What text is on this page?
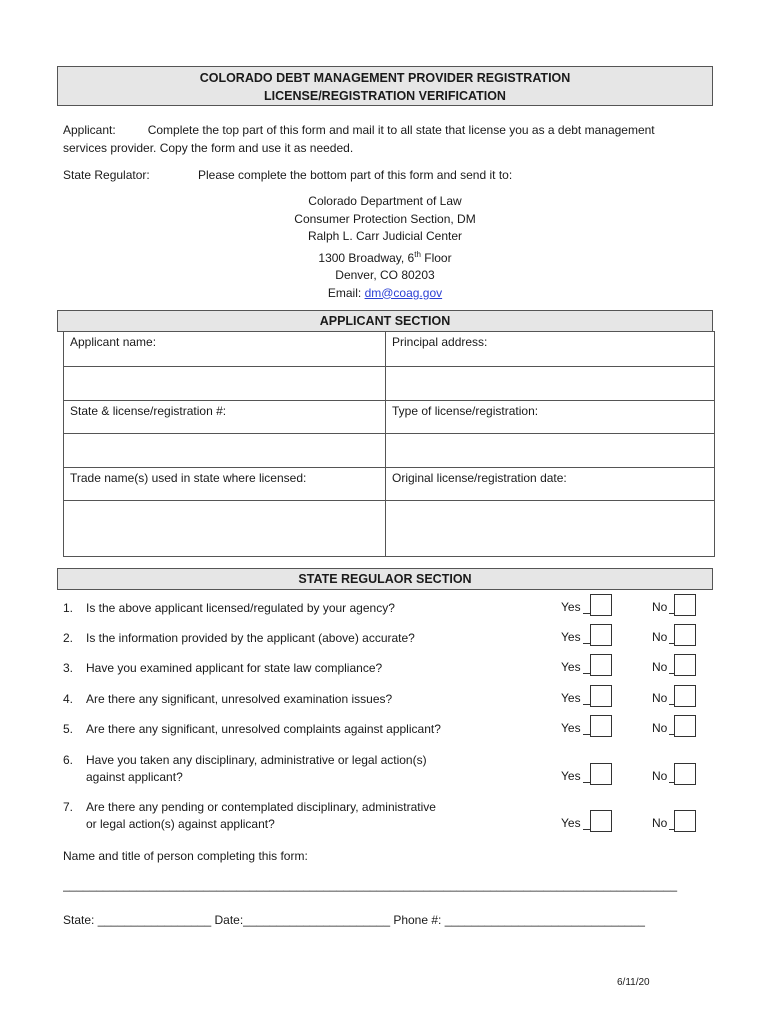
COLORADO DEBT MANAGEMENT PROVIDER REGISTRATION
LICENSE/REGISTRATION VERIFICATION
Applicant:	Complete the top part of this form and mail it to all state that license you as a debt management
services provider. Copy the form and use it as needed.
State Regulator:	Please complete the bottom part of this form and send it to:
Colorado Department of Law
Consumer Protection Section, DM
Ralph L. Carr Judicial Center
1300 Broadway, 6th Floor
Denver, CO 80203
Email: dm@coag.gov
APPLICANT SECTION
Applicant name:	Principal address:

State & license/registration #:	Type of license/registration:

Trade name(s) used in state where licensed:	Original license/registration date:

STATE REGULAOR SECTION
1. Is the above applicant licensed/regulated by your agency?	Yes	No
2. Is the information provided by the applicant (above) accurate?	Yes	No
3. Have you examined applicant for state law compliance?	Yes	No
4. Are there any significant, unresolved examination issues?	Yes	No
5. Are there any significant, unresolved complaints against applicant?	Yes	No
6. Have you taken any disciplinary, administrative or legal action(s)
against applicant?	Yes	No
7. Are there any pending or contemplated disciplinary, administrative
or legal action(s) against applicant?	Yes	No
Name and title of person completing this form:
____________________________________________________________________________________________
State: _________________ Date:______________________ Phone #: ______________________________
6/11/20
